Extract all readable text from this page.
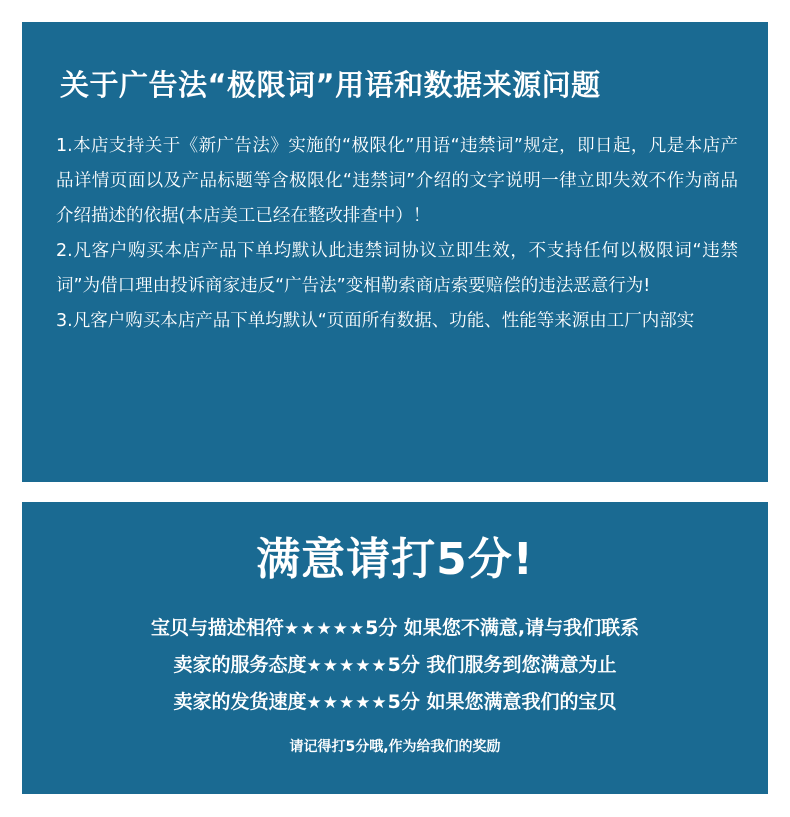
关于广告法“极限词”用语和数据来源问题

1.本店支持关于《新广告法》实施的“极限化”用语“违禁词”规定，即日起，凡是本店产品详情页面以及产品标题等含极限化“违禁词”介绍的文字说明一律立即失效不作为商品介绍描述的依据(本店美工已经在整改排查中）！

2.凡客户购买本店产品下单均默认此违禁词协议立即生效，不支持任何以极限词“违禁词”为借口理由投诉商家违反“广告法”变相勒索商店索要赔偿的违法恶意行为!

3.凡客户购买本店产品下单均默认“页面所有数据、功能、性能等来源由工厂内部实

满意请打5分!
宝贝与描述相符★★★★★5分 如果您不满意,请与我们联系
卖家的服务态度★★★★★5分 我们服务到您满意为止
卖家的发货速度★★★★★5分 如果您满意我们的宝贝
请记得打5分哦,作为给我们的奖励
